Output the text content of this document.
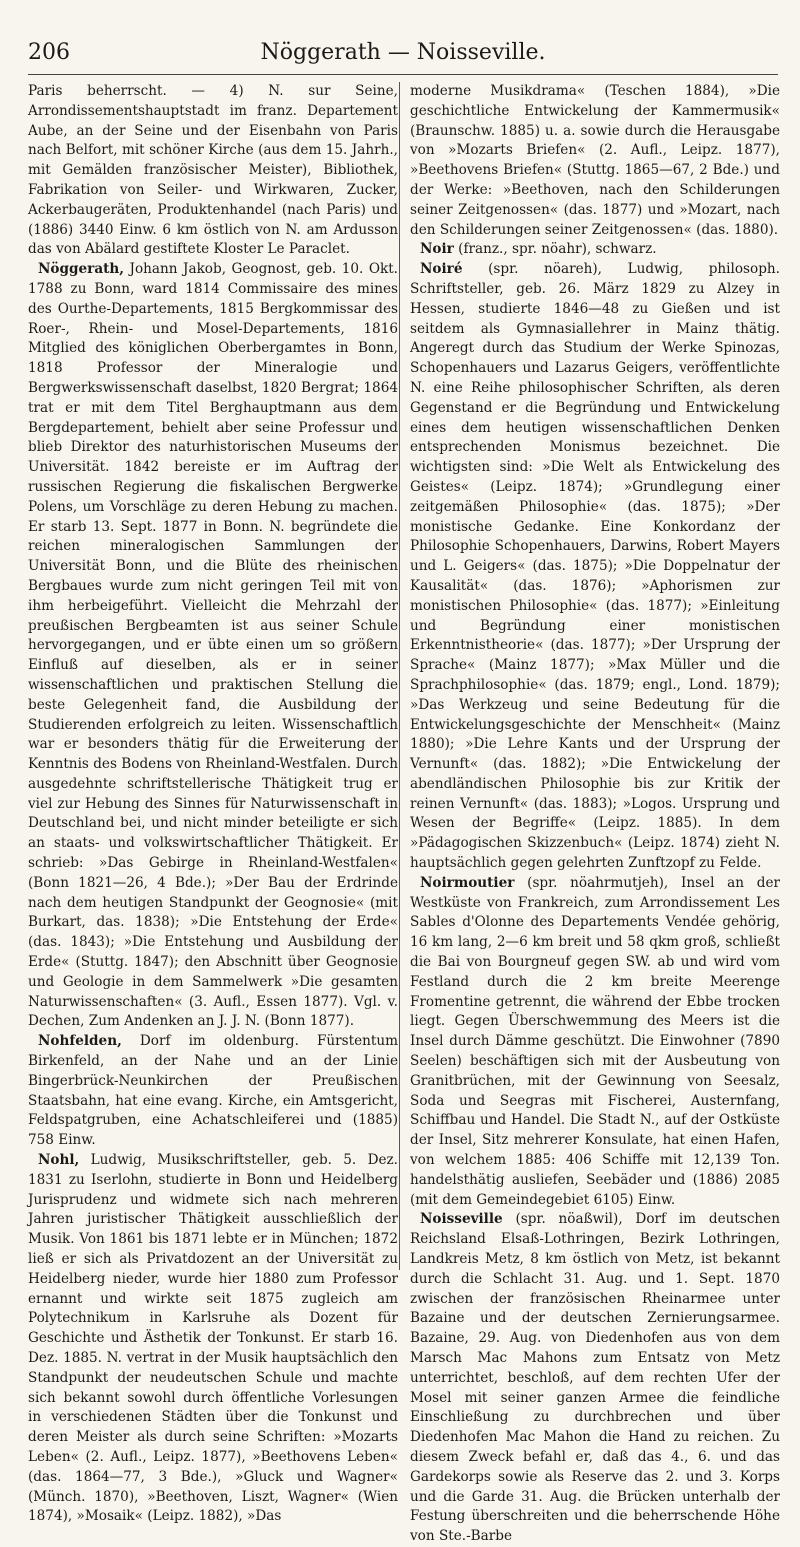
206	Nöggerath — Noisseville.

Paris beherrscht. — 4) N. sur Seine, Arrondissementshauptstadt im franz. Departement Aube, an der Seine und der Eisenbahn von Paris nach Belfort, mit schöner Kirche (aus dem 15. Jahrh., mit Gemälden französischer Meister), Bibliothek, Fabrikation von Seiler- und Wirkwaren, Zucker, Ackerbaugeräten, Produktenhandel (nach Paris) und (1886) 3440 Einw. 6 km östlich von N. am Ardusson das von Abälard gestiftete Kloster Le Paraclet.

Nöggerath, Johann Jakob, Geognost, geb. 10. Okt. 1788 zu Bonn, ward 1814 Commissaire des mines des Ourthe-Departements, 1815 Bergkommissar des Roer-, Rhein- und Mosel-Departements, 1816 Mitglied des königlichen Oberbergamtes in Bonn, 1818 Professor der Mineralogie und Bergwerkswissenschaft daselbst, 1820 Bergrat; 1864 trat er mit dem Titel Berghauptmann aus dem Bergdepartement, behielt aber seine Professur und blieb Direktor des naturhistorischen Museums der Universität. 1842 bereiste er im Auftrag der russischen Regierung die fiskalischen Bergwerke Polens, um Vorschläge zu deren Hebung zu machen. Er starb 13. Sept. 1877 in Bonn. N. begründete die reichen mineralogischen Sammlungen der Universität Bonn, und die Blüte des rheinischen Bergbaues wurde zum nicht geringen Teil mit von ihm herbeigeführt. Vielleicht die Mehrzahl der preußischen Bergbeamten ist aus seiner Schule hervorgegangen, und er übte einen um so größern Einfluß auf dieselben, als er in seiner wissenschaftlichen und praktischen Stellung die beste Gelegenheit fand, die Ausbildung der Studierenden erfolgreich zu leiten. Wissenschaftlich war er besonders thätig für die Erweiterung der Kenntnis des Bodens von Rheinland-Westfalen. Durch ausgedehnte schriftstellerische Thätigkeit trug er viel zur Hebung des Sinnes für Naturwissenschaft in Deutschland bei, und nicht minder beteiligte er sich an staats- und volkswirtschaftlicher Thätigkeit. Er schrieb: »Das Gebirge in Rheinland-Westfalen« (Bonn 1821—26, 4 Bde.); »Der Bau der Erdrinde nach dem heutigen Standpunkt der Geognosie« (mit Burkart, das. 1838); »Die Entstehung der Erde« (das. 1843); »Die Entstehung und Ausbildung der Erde« (Stuttg. 1847); den Abschnitt über Geognosie und Geologie in dem Sammelwerk »Die gesamten Naturwissenschaften« (3. Aufl., Essen 1877). Vgl. v. Dechen, Zum Andenken an J. J. N. (Bonn 1877).

Nohfelden, Dorf im oldenburg. Fürstentum Birkenfeld, an der Nahe und an der Linie Bingerbrück-Neunkirchen der Preußischen Staatsbahn, hat eine evang. Kirche, ein Amtsgericht, Feldspatgruben, eine Achatschleiferei und (1885) 758 Einw.

Nohl, Ludwig, Musikschriftsteller, geb. 5. Dez. 1831 zu Iserlohn, studierte in Bonn und Heidelberg Jurisprudenz und widmete sich nach mehreren Jahren juristischer Thätigkeit ausschließlich der Musik. Von 1861 bis 1871 lebte er in München; 1872 ließ er sich als Privatdozent an der Universität zu Heidelberg nieder, wurde hier 1880 zum Professor ernannt und wirkte seit 1875 zugleich am Polytechnikum in Karlsruhe als Dozent für Geschichte und Ästhetik der Tonkunst. Er starb 16. Dez. 1885. N. vertrat in der Musik hauptsächlich den Standpunkt der neudeutschen Schule und machte sich bekannt sowohl durch öffentliche Vorlesungen in verschiedenen Städten über die Tonkunst und deren Meister als durch seine Schriften: »Mozarts Leben« (2. Aufl., Leipz. 1877), »Beethovens Leben« (das. 1864—77, 3 Bde.), »Gluck und Wagner« (Münch. 1870), »Beethoven, Liszt, Wagner« (Wien 1874), »Mosaik« (Leipz. 1882), »Das

moderne Musikdrama« (Teschen 1884), »Die geschichtliche Entwickelung der Kammermusik« (Braunschw. 1885) u. a. sowie durch die Herausgabe von »Mozarts Briefen« (2. Aufl., Leipz. 1877), »Beethovens Briefen« (Stuttg. 1865—67, 2 Bde.) und der Werke: »Beethoven, nach den Schilderungen seiner Zeitgenossen« (das. 1877) und »Mozart, nach den Schilderungen seiner Zeitgenossen« (das. 1880).

Noir (franz., spr. nöahr), schwarz.

Noiré (spr. nöareh), Ludwig, philosoph. Schriftsteller, geb. 26. März 1829 zu Alzey in Hessen, studierte 1846—48 zu Gießen und ist seitdem als Gymnasiallehrer in Mainz thätig. Angeregt durch das Studium der Werke Spinozas, Schopenhauers und Lazarus Geigers, veröffentlichte N. eine Reihe philosophischer Schriften, als deren Gegenstand er die Begründung und Entwickelung eines dem heutigen wissenschaftlichen Denken entsprechenden Monismus bezeichnet. Die wichtigsten sind: »Die Welt als Entwickelung des Geistes« (Leipz. 1874); »Grundlegung einer zeitgemäßen Philosophie« (das. 1875); »Der monistische Gedanke. Eine Konkordanz der Philosophie Schopenhauers, Darwins, Robert Mayers und L. Geigers« (das. 1875); »Die Doppelnatur der Kausalität« (das. 1876); »Aphorismen zur monistischen Philosophie« (das. 1877); »Einleitung und Begründung einer monistischen Erkenntnistheorie« (das. 1877); »Der Ursprung der Sprache« (Mainz 1877); »Max Müller und die Sprachphilosophie« (das. 1879; engl., Lond. 1879); »Das Werkzeug und seine Bedeutung für die Entwickelungsgeschichte der Menschheit« (Mainz 1880); »Die Lehre Kants und der Ursprung der Vernunft« (das. 1882); »Die Entwickelung der abendländischen Philosophie bis zur Kritik der reinen Vernunft« (das. 1883); »Logos. Ursprung und Wesen der Begriffe« (Leipz. 1885). In dem »Pädagogischen Skizzenbuch« (Leipz. 1874) zieht N. hauptsächlich gegen gelehrten Zunftzopf zu Felde.

Noirmoutier (spr. nöahrmutjeh), Insel an der Westküste von Frankreich, zum Arrondissement Les Sables d'Olonne des Departements Vendée gehörig, 16 km lang, 2—6 km breit und 58 qkm groß, schließt die Bai von Bourgneuf gegen SW. ab und wird vom Festland durch die 2 km breite Meerenge Fromentine getrennt, die während der Ebbe trocken liegt. Gegen Überschwemmung des Meers ist die Insel durch Dämme geschützt. Die Einwohner (7890 Seelen) beschäftigen sich mit der Ausbeutung von Granitbrüchen, mit der Gewinnung von Seesalz, Soda und Seegras mit Fischerei, Austernfang, Schiffbau und Handel. Die Stadt N., auf der Ostküste der Insel, Sitz mehrerer Konsulate, hat einen Hafen, von welchem 1885: 406 Schiffe mit 12,139 Ton. handelsthätig ausliefen, Seebäder und (1886) 2085 (mit dem Gemeindegebiet 6105) Einw.

Noisseville (spr. nöaßwil), Dorf im deutschen Reichsland Elsaß-Lothringen, Bezirk Lothringen, Landkreis Metz, 8 km östlich von Metz, ist bekannt durch die Schlacht 31. Aug. und 1. Sept. 1870 zwischen der französischen Rheinarmee unter Bazaine und der deutschen Zernierungsarmee. Bazaine, 29. Aug. von Diedenhofen aus von dem Marsch Mac Mahons zum Entsatz von Metz unterrichtet, beschloß, auf dem rechten Ufer der Mosel mit seiner ganzen Armee die feindliche Einschließung zu durchbrechen und über Diedenhofen Mac Mahon die Hand zu reichen. Zu diesem Zweck befahl er, daß das 4., 6. und das Gardekorps sowie als Reserve das 2. und 3. Korps und die Garde 31. Aug. die Brücken unterhalb der Festung überschreiten und die beherrschende Höhe von Ste.-Barbe
